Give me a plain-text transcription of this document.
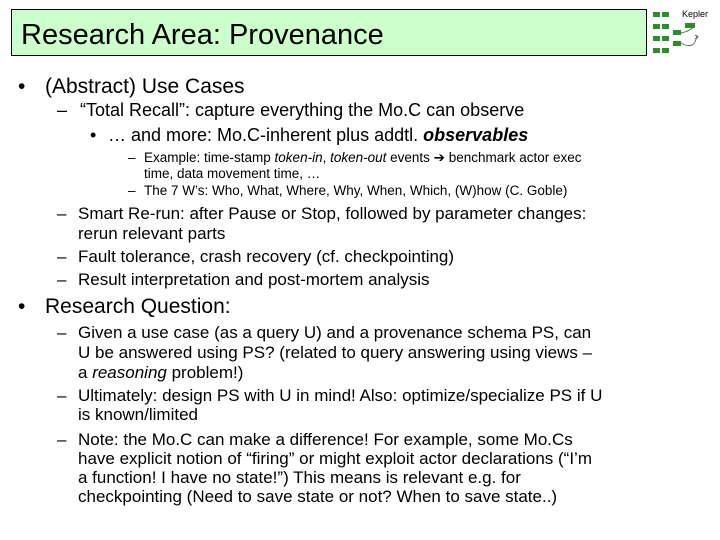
Research Area: Provenance
Kepler
• (Abstract) Use Cases
– “Total Recall”: capture everything the Mo.C can observe
• … and more: Mo.C-inherent plus addtl. observables
– Example: time-stamp token-in, token-out events ➔ benchmark actor exec
time, data movement time, …
– The 7 W’s: Who, What, Where, Why, When, Which, (W)how (C. Goble)
– Smart Re-run: after Pause or Stop, followed by parameter changes:
rerun relevant parts
– Fault tolerance, crash recovery (cf. checkpointing)
– Result interpretation and post-mortem analysis
• Research Question:
– Given a use case (as a query U) and a provenance schema PS, can
U be answered using PS? (related to query answering using views –
a reasoning problem!)
– Ultimately: design PS with U in mind! Also: optimize/specialize PS if U
is known/limited
– Note: the Mo.C can make a difference! For example, some Mo.Cs
have explicit notion of “firing” or might exploit actor declarations (“I’m
a function! I have no state!”) This means is relevant e.g. for
checkpointing (Need to save state or not? When to save state..)
